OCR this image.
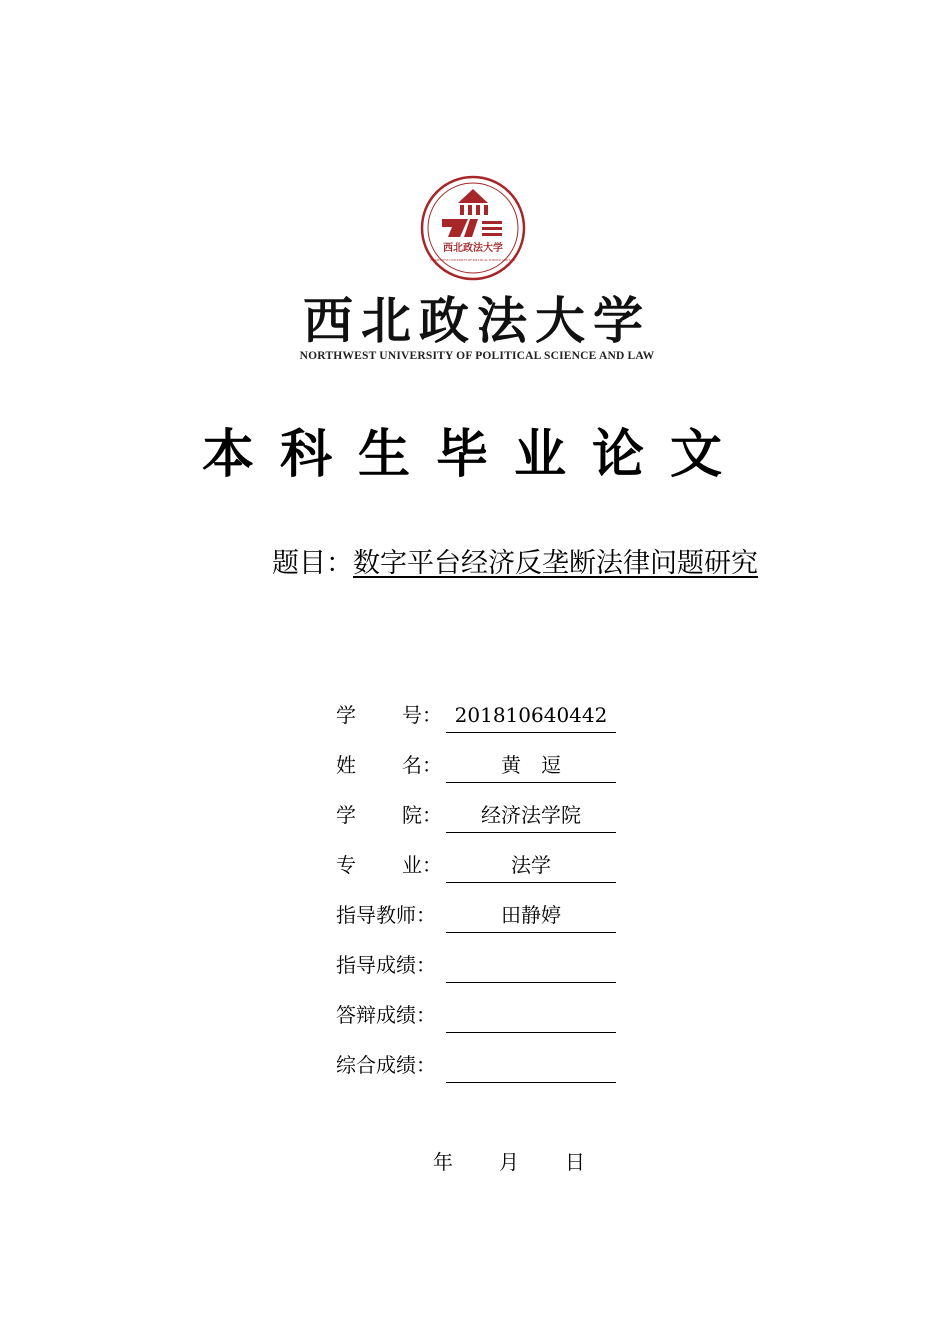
西北政法大学
NORTHWEST UNIVERSITY OF POLITICAL SCIENCE AND LAW
西北政法大学
NORTHWEST UNIVERSITY OF POLITICAL SCIENCE AND LAW
本科生毕业论文
题目：数字平台经济反垄断法律问题研究
学 号： 201810640442
姓 名：	黄　逗
学 院：	经济法学院
专 业：	法学
指导教师：	田静婷
指导成绩：
答辩成绩：
综合成绩：
年 月 日
